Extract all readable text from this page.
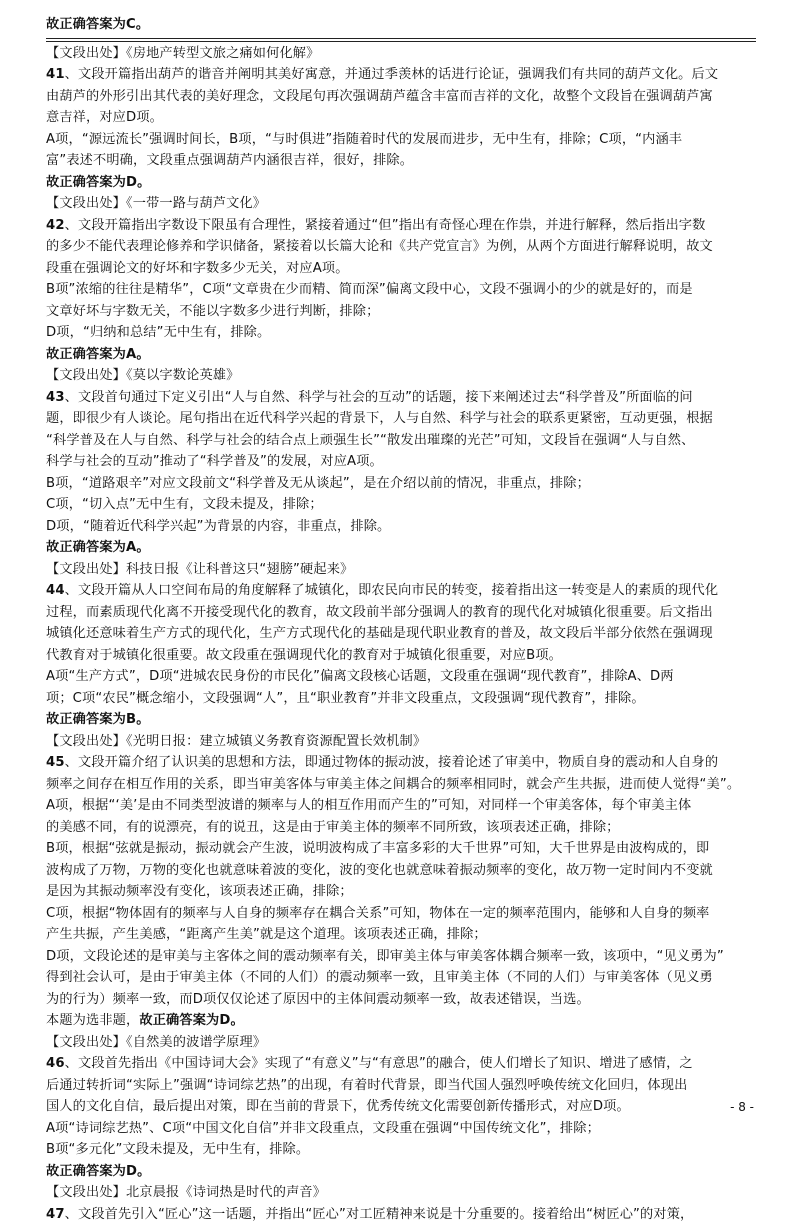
故正确答案为C。
【文段出处】《房地产转型文旅之痛如何化解》
41、文段开篇指出葫芦的谐音并阐明其美好寓意，并通过季羡林的话进行论证，强调我们有共同的葫芦文化。后文
由葫芦的外形引出其代表的美好理念，文段尾句再次强调葫芦蕴含丰富而吉祥的文化，故整个文段旨在强调葫芦寓
意吉祥，对应D项。
A项，“源远流长”强调时间长，B项，“与时俱进”指随着时代的发展而进步，无中生有，排除；C项，“内涵丰
富”表述不明确，文段重点强调葫芦内涵很吉祥，很好，排除。
故正确答案为D。
【文段出处】《一带一路与葫芦文化》
42、文段开篇指出字数设下限虽有合理性，紧接着通过“但”指出有奇怪心理在作祟，并进行解释，然后指出字数
的多少不能代表理论修养和学识储备，紧接着以长篇大论和《共产党宣言》为例，从两个方面进行解释说明，故文
段重在强调论文的好坏和字数多少无关，对应A项。
B项”浓缩的往往是精华”，C项“文章贵在少而精、简而深”偏离文段中心，文段不强调小的少的就是好的，而是
文章好坏与字数无关，不能以字数多少进行判断，排除；
D项，“归纳和总结”无中生有，排除。
故正确答案为A。
【文段出处】《莫以字数论英雄》
43、文段首句通过下定义引出“人与自然、科学与社会的互动”的话题，接下来阐述过去“科学普及”所面临的问
题，即很少有人谈论。尾句指出在近代科学兴起的背景下，人与自然、科学与社会的联系更紧密，互动更强，根据
“科学普及在人与自然、科学与社会的结合点上顽强生长”“散发出璀璨的光芒”可知，文段旨在强调“人与自然、
科学与社会的互动”推动了“科学普及”的发展，对应A项。
B项，“道路艰辛”对应文段前文“科学普及无从谈起”，是在介绍以前的情况，非重点，排除；
C项，“切入点”无中生有，文段未提及，排除；
D项，“随着近代科学兴起”为背景的内容，非重点，排除。
故正确答案为A。
【文段出处】科技日报《让科普这只“翅膀”硬起来》
44、文段开篇从人口空间布局的角度解释了城镇化，即农民向市民的转变，接着指出这一转变是人的素质的现代化
过程，而素质现代化离不开接受现代化的教育，故文段前半部分强调人的教育的现代化对城镇化很重要。后文指出
城镇化还意味着生产方式的现代化，生产方式现代化的基础是现代职业教育的普及，故文段后半部分依然在强调现
代教育对于城镇化很重要。故文段重在强调现代化的教育对于城镇化很重要，对应B项。
A项“生产方式”，D项“进城农民身份的市民化”偏离文段核心话题，文段重在强调“现代教育”，排除A、D两
项；C项“农民”概念缩小，文段强调“人”，且“职业教育”并非文段重点，文段强调“现代教育”，排除。
故正确答案为B。
【文段出处】《光明日报：建立城镇义务教育资源配置长效机制》
45、文段开篇介绍了认识美的思想和方法，即通过物体的振动波，接着论述了审美中，物质自身的震动和人自身的
频率之间存在相互作用的关系，即当审美客体与审美主体之间耦合的频率相同时，就会产生共振，进而使人觉得“美”。
A项，根据“‘美’是由不同类型波谱的频率与人的相互作用而产生的”可知，对同样一个审美客体，每个审美主体
的美感不同，有的说漂亮，有的说丑，这是由于审美主体的频率不同所致，该项表述正确，排除；
B项，根据“弦就是振动，振动就会产生波，说明波构成了丰富多彩的大千世界”可知，大千世界是由波构成的，即
波构成了万物，万物的变化也就意味着波的变化，波的变化也就意味着振动频率的变化，故万物一定时间内不变就
是因为其振动频率没有变化，该项表述正确，排除；
C项，根据“物体固有的频率与人自身的频率存在耦合关系”可知，物体在一定的频率范围内，能够和人自身的频率
产生共振，产生美感，“距离产生美”就是这个道理。该项表述正确，排除；
D项，文段论述的是审美与主客体之间的震动频率有关，即审美主体与审美客体耦合频率一致，该项中，“见义勇为”
得到社会认可，是由于审美主体（不同的人们）的震动频率一致，且审美主体（不同的人们）与审美客体（见义勇
为的行为）频率一致，而D项仅仅论述了原因中的主体间震动频率一致，故表述错误，当选。
本题为选非题，故正确答案为D。
【文段出处】《自然美的波谱学原理》
46、文段首先指出《中国诗词大会》实现了“有意义”与“有意思”的融合，使人们增长了知识、增进了感情，之
后通过转折词“实际上”强调“诗词综艺热”的出现，有着时代背景，即当代国人强烈呼唤传统文化回归，体现出
国人的文化自信，最后提出对策，即在当前的背景下，优秀传统文化需要创新传播形式，对应D项。
A项“诗词综艺热”、C项“中国文化自信”并非文段重点，文段重在强调“中国传统文化”，排除；
B项“多元化”文段未提及，无中生有，排除。
故正确答案为D。
【文段出处】北京晨报《诗词热是时代的声音》
47、文段首先引入“匠心”这一话题，并指出“匠心”对工匠精神来说是十分重要的。接着给出“树匠心”的对策，
- 8 -
